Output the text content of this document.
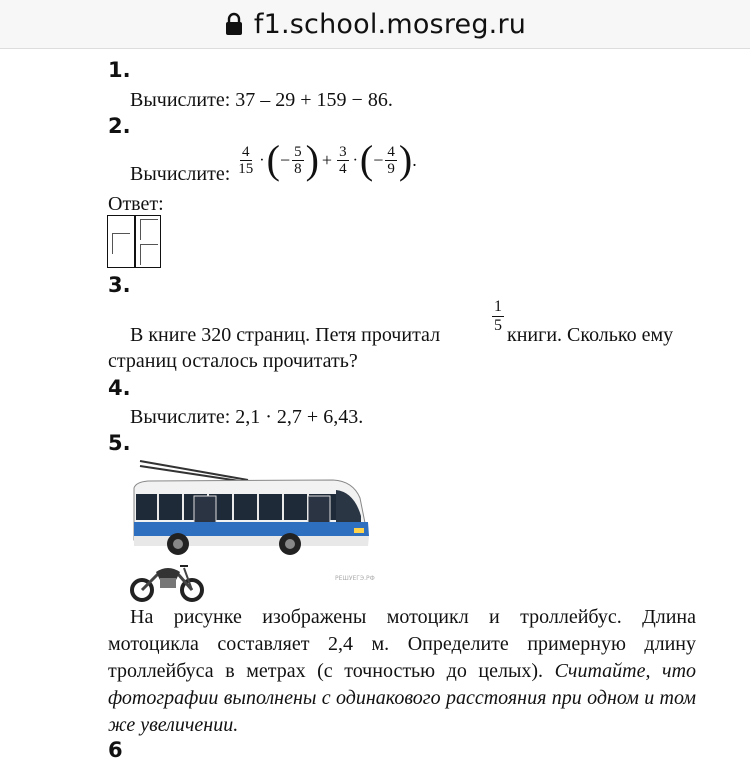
f1.school.mosreg.ru
1.
Вычислите: 37 – 29 + 159 − 86.
2.
Вычислите: $\frac{4}{15}$ · ( − $\frac{5}{8}$ ) + $\frac{3}{4}$ · ( − $\frac{4}{9}$ ) .
Ответ:
3.
В книге 320 страниц. Петя прочитал	$\frac{1}{5}$ книги. Сколько ему
страниц осталось прочитать?
4.
Вычислите: 2,1 · 2,7 + 6,43.
5.
РЕШУЕГЭ.РФ
На рисунке изображены мотоцикл и троллейбус. Длина мотоцикла составляет 2,4 м. Определите примерную длину троллейбуса в метрах (с точностью до целых). Считайте, что фотографии выполнены с одинакового расстояния при одном и том же увеличении.
6
